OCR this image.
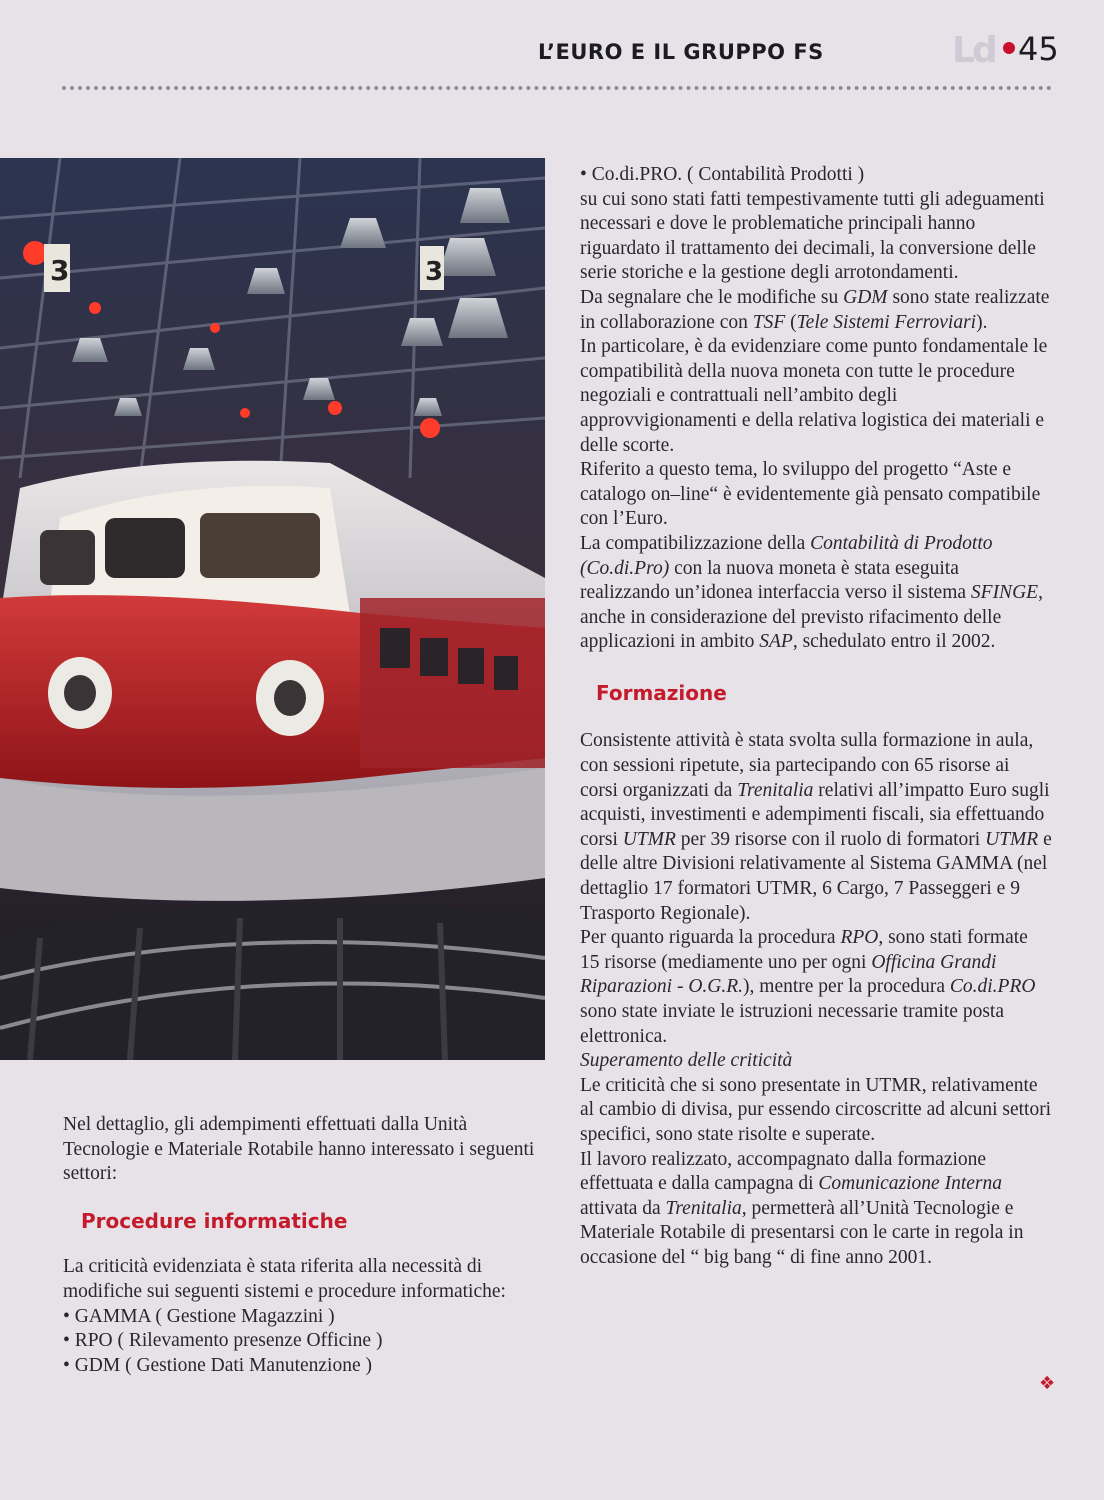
L’EURO E IL GRUPPO FS	Ld 45
3	3

Nel dettaglio, gli adempimenti effettuati dalla Unità Tecnologie e Materiale Rotabile hanno interessato i seguenti settori:

Procedure informatiche

La criticità evidenziata è stata riferita alla necessità di modifiche sui seguenti sistemi e procedure informatiche:

• GAMMA ( Gestione Magazzini )

• RPO ( Rilevamento presenze Officine )

• GDM ( Gestione Dati Manutenzione )

• Co.di.PRO. ( Contabilità Prodotti )

su cui sono stati fatti tempestivamente tutti gli adeguamenti necessari e dove le problematiche principali hanno riguardato il trattamento dei decimali, la conversione delle serie storiche e la gestione degli arrotondamenti.

Da segnalare che le modifiche su GDM sono state realizzate in collaborazione con TSF (Tele Sistemi Ferroviari).

In particolare, è da evidenziare come punto fondamentale le compatibilità della nuova moneta con tutte le procedure negoziali e contrattuali nell’ambito degli approvvigionamenti e della relativa logistica dei materiali e delle scorte.

Riferito a questo tema, lo sviluppo del progetto “Aste e catalogo on–line“ è evidentemente già pensato compatibile con l’Euro.

La compatibilizzazione della Contabilità di Prodotto (Co.di.Pro) con la nuova moneta è stata eseguita realizzando un’idonea interfaccia verso il sistema SFINGE, anche in considerazione del previsto rifacimento delle applicazioni in ambito SAP, schedulato entro il 2002.

Formazione

Consistente attività è stata svolta sulla formazione in aula, con sessioni ripetute, sia partecipando con 65 risorse ai corsi organizzati da Trenitalia relativi all’impatto Euro sugli acquisti, investimenti e adempimenti fiscali, sia effettuando corsi UTMR per 39 risorse con il ruolo di formatori UTMR e delle altre Divisioni relativamente al Sistema GAMMA (nel dettaglio 17 formatori UTMR, 6 Cargo, 7 Passeggeri e 9 Trasporto Regionale).

Per quanto riguarda la procedura RPO, sono stati formate 15 risorse (mediamente uno per ogni Officina Grandi Riparazioni - O.G.R.), mentre per la procedura Co.di.PRO sono state inviate le istruzioni necessarie tramite posta elettronica.

Superamento delle criticità

Le criticità che si sono presentate in UTMR, relativamente al cambio di divisa, pur essendo circoscritte ad alcuni settori specifici, sono state risolte e superate.

Il lavoro realizzato, accompagnato dalla formazione effettuata e dalla campagna di Comunicazione Interna attivata da Trenitalia, permetterà all’Unità Tecnologie e Materiale Rotabile di presentarsi con le carte in regola in occasione del “ big bang “ di fine anno 2001.

❖
